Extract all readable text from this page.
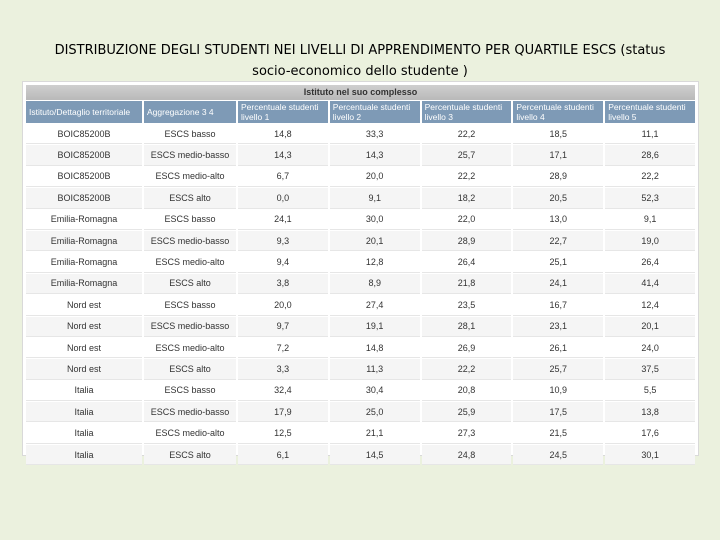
DISTRIBUZIONE DEGLI STUDENTI NEI LIVELLI DI APPRENDIMENTO PER QUARTILE ESCS (status
socio-economico dello studente )
Istituto nel suo complesso
Istituto/Dettaglio territoriale	Aggregazione 3 4	Percentuale studenti livello 1	Percentuale studenti livello 2	Percentuale studenti livello 3	Percentuale studenti livello 4	Percentuale studenti livello 5
BOIC85200B	ESCS basso	14,8	33,3	22,2	18,5	11,1
BOIC85200B	ESCS medio-basso	14,3	14,3	25,7	17,1	28,6
BOIC85200B	ESCS medio-alto	6,7	20,0	22,2	28,9	22,2
BOIC85200B	ESCS alto	0,0	9,1	18,2	20,5	52,3
Emilia-Romagna	ESCS basso	24,1	30,0	22,0	13,0	9,1
Emilia-Romagna	ESCS medio-basso	9,3	20,1	28,9	22,7	19,0
Emilia-Romagna	ESCS medio-alto	9,4	12,8	26,4	25,1	26,4
Emilia-Romagna	ESCS alto	3,8	8,9	21,8	24,1	41,4
Nord est	ESCS basso	20,0	27,4	23,5	16,7	12,4
Nord est	ESCS medio-basso	9,7	19,1	28,1	23,1	20,1
Nord est	ESCS medio-alto	7,2	14,8	26,9	26,1	24,0
Nord est	ESCS alto	3,3	11,3	22,2	25,7	37,5
Italia	ESCS basso	32,4	30,4	20,8	10,9	5,5
Italia	ESCS medio-basso	17,9	25,0	25,9	17,5	13,8
Italia	ESCS medio-alto	12,5	21,1	27,3	21,5	17,6
Italia	ESCS alto	6,1	14,5	24,8	24,5	30,1
